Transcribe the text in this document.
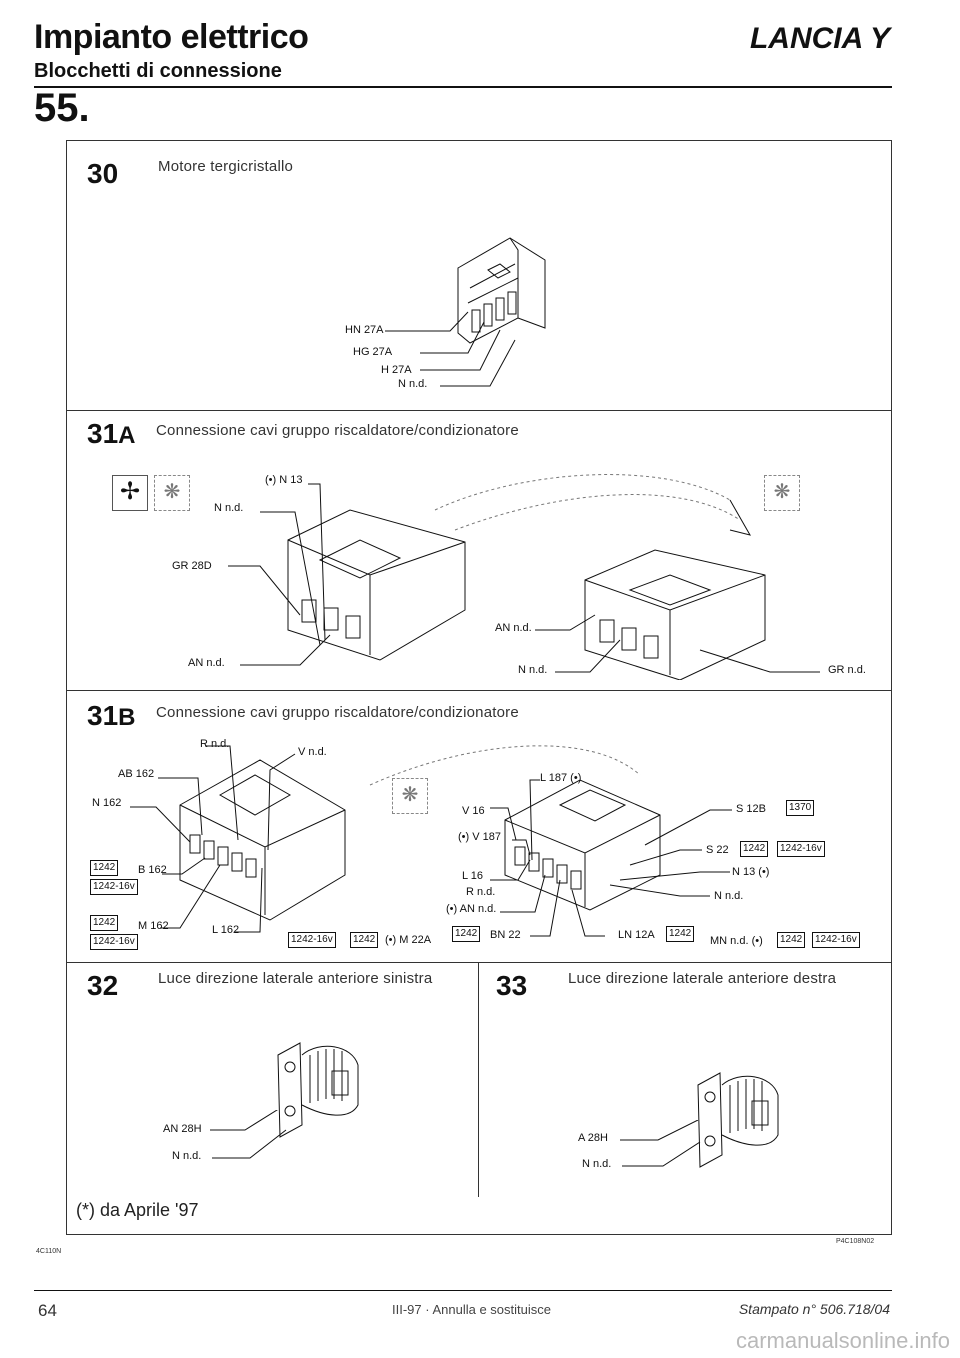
Impianto elettrico
Blocchetti di connessione
LANCIA Y
55.
30	Motore tergicristallo
HN 27A
HG 27A
H 27A
N n.d.
31A Connessione cavi gruppo riscaldatore/condizionatore
✢	❋	❋
(•) N 13
N n.d.
GR 28D
AN n.d.
AN n.d.
N n.d.	GR n.d.
31B Connessione cavi gruppo riscaldatore/condizionatore
❋
R n.d.
V n.d.
AB 162
N 162
1242
1242-16v
B 162
1242
1242-16v
M 162	L 162
1242-16v	1242 (•) M 22A
1242 BN 22
L 187 (•)
V 16
(•) V 187
L 16
R n.d.
(•) AN n.d.
LN 12A	1242
S 12B	1370
S 22	1242	1242-16v
N 13 (•)
N n.d.
MN n.d. (•)	1242	1242-16v
32	Luce direzione laterale anteriore sinistra
AN 28H
N n.d.
33	Luce direzione laterale anteriore destra
A 28H
N n.d.
(*) da Aprile '97
4C110N
P4C108N02
64	III-97 · Annulla e sostituisce	Stampato n° 506.718/04
carmanualsonline.info
